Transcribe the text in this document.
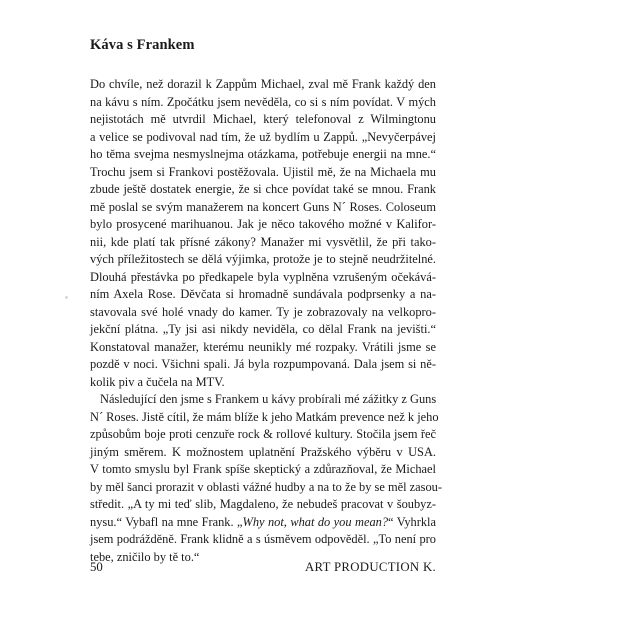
Káva s Frankem
Do chvíle, než dorazil k Zappům Michael, zval mě Frank každý den
na kávu s ním. Zpočátku jsem nevěděla, co si s ním povídat. V mých
nejistotách mě utvrdil Michael, který telefonoval z Wilmingtonu
a velice se podivoval nad tím, že už bydlím u Zappů. „Nevyčerpávej
ho těma svejma nesmyslnejma otázkama, potřebuje energii na mne.“
Trochu jsem si Frankovi postěžovala. Ujistil mě, že na Michaela mu
zbude ještě dostatek energie, že si chce povídat také se mnou. Frank
mě poslal se svým manažerem na koncert Guns N´ Roses. Coloseum
bylo prosycené marihuanou. Jak je něco takového možné v Kalifor-
nii, kde platí tak přísné zákony? Manažer mi vysvětlil, že při tako-
vých příležitostech se dělá výjimka, protože je to stejně neudržitelné.
Dlouhá přestávka po předkapele byla vyplněna vzrušeným očekává-
ním Axela Rose. Děvčata si hromadně sundávala podprsenky a na-
stavovala své holé vnady do kamer. Ty je zobrazovaly na velkopro-
jekční plátna. „Ty jsi asi nikdy neviděla, co dělal Frank na jevišti.“
Konstatoval manažer, kterému neunikly mé rozpaky. Vrátili jsme se
pozdě v noci. Všichni spali. Já byla rozpumpovaná. Dala jsem si ně-
kolik piv a čučela na MTV.
Následující den jsme s Frankem u kávy probírali mé zážitky z Guns
N´ Roses. Jistě cítil, že mám blíže k jeho Matkám prevence než k jeho
způsobům boje proti cenzuře rock & rollové kultury. Stočila jsem řeč
jiným směrem. K možnostem uplatnění Pražského výběru v USA.
V tomto smyslu byl Frank spíše skeptický a zdůrazňoval, že Michael
by měl šanci prorazit v oblasti vážné hudby a na to že by se měl zasou-
středit. „A ty mi teď slib, Magdaleno, že nebudeš pracovat v šoubyz-
nysu.“ Vybafl na mne Frank. „Why not, what do you mean?“ Vyhrkla
jsem podrážděně. Frank klidně a s úsměvem odpověděl. „To není pro
tebe, zničilo by tě to.“
50	ART PRODUCTION K.
